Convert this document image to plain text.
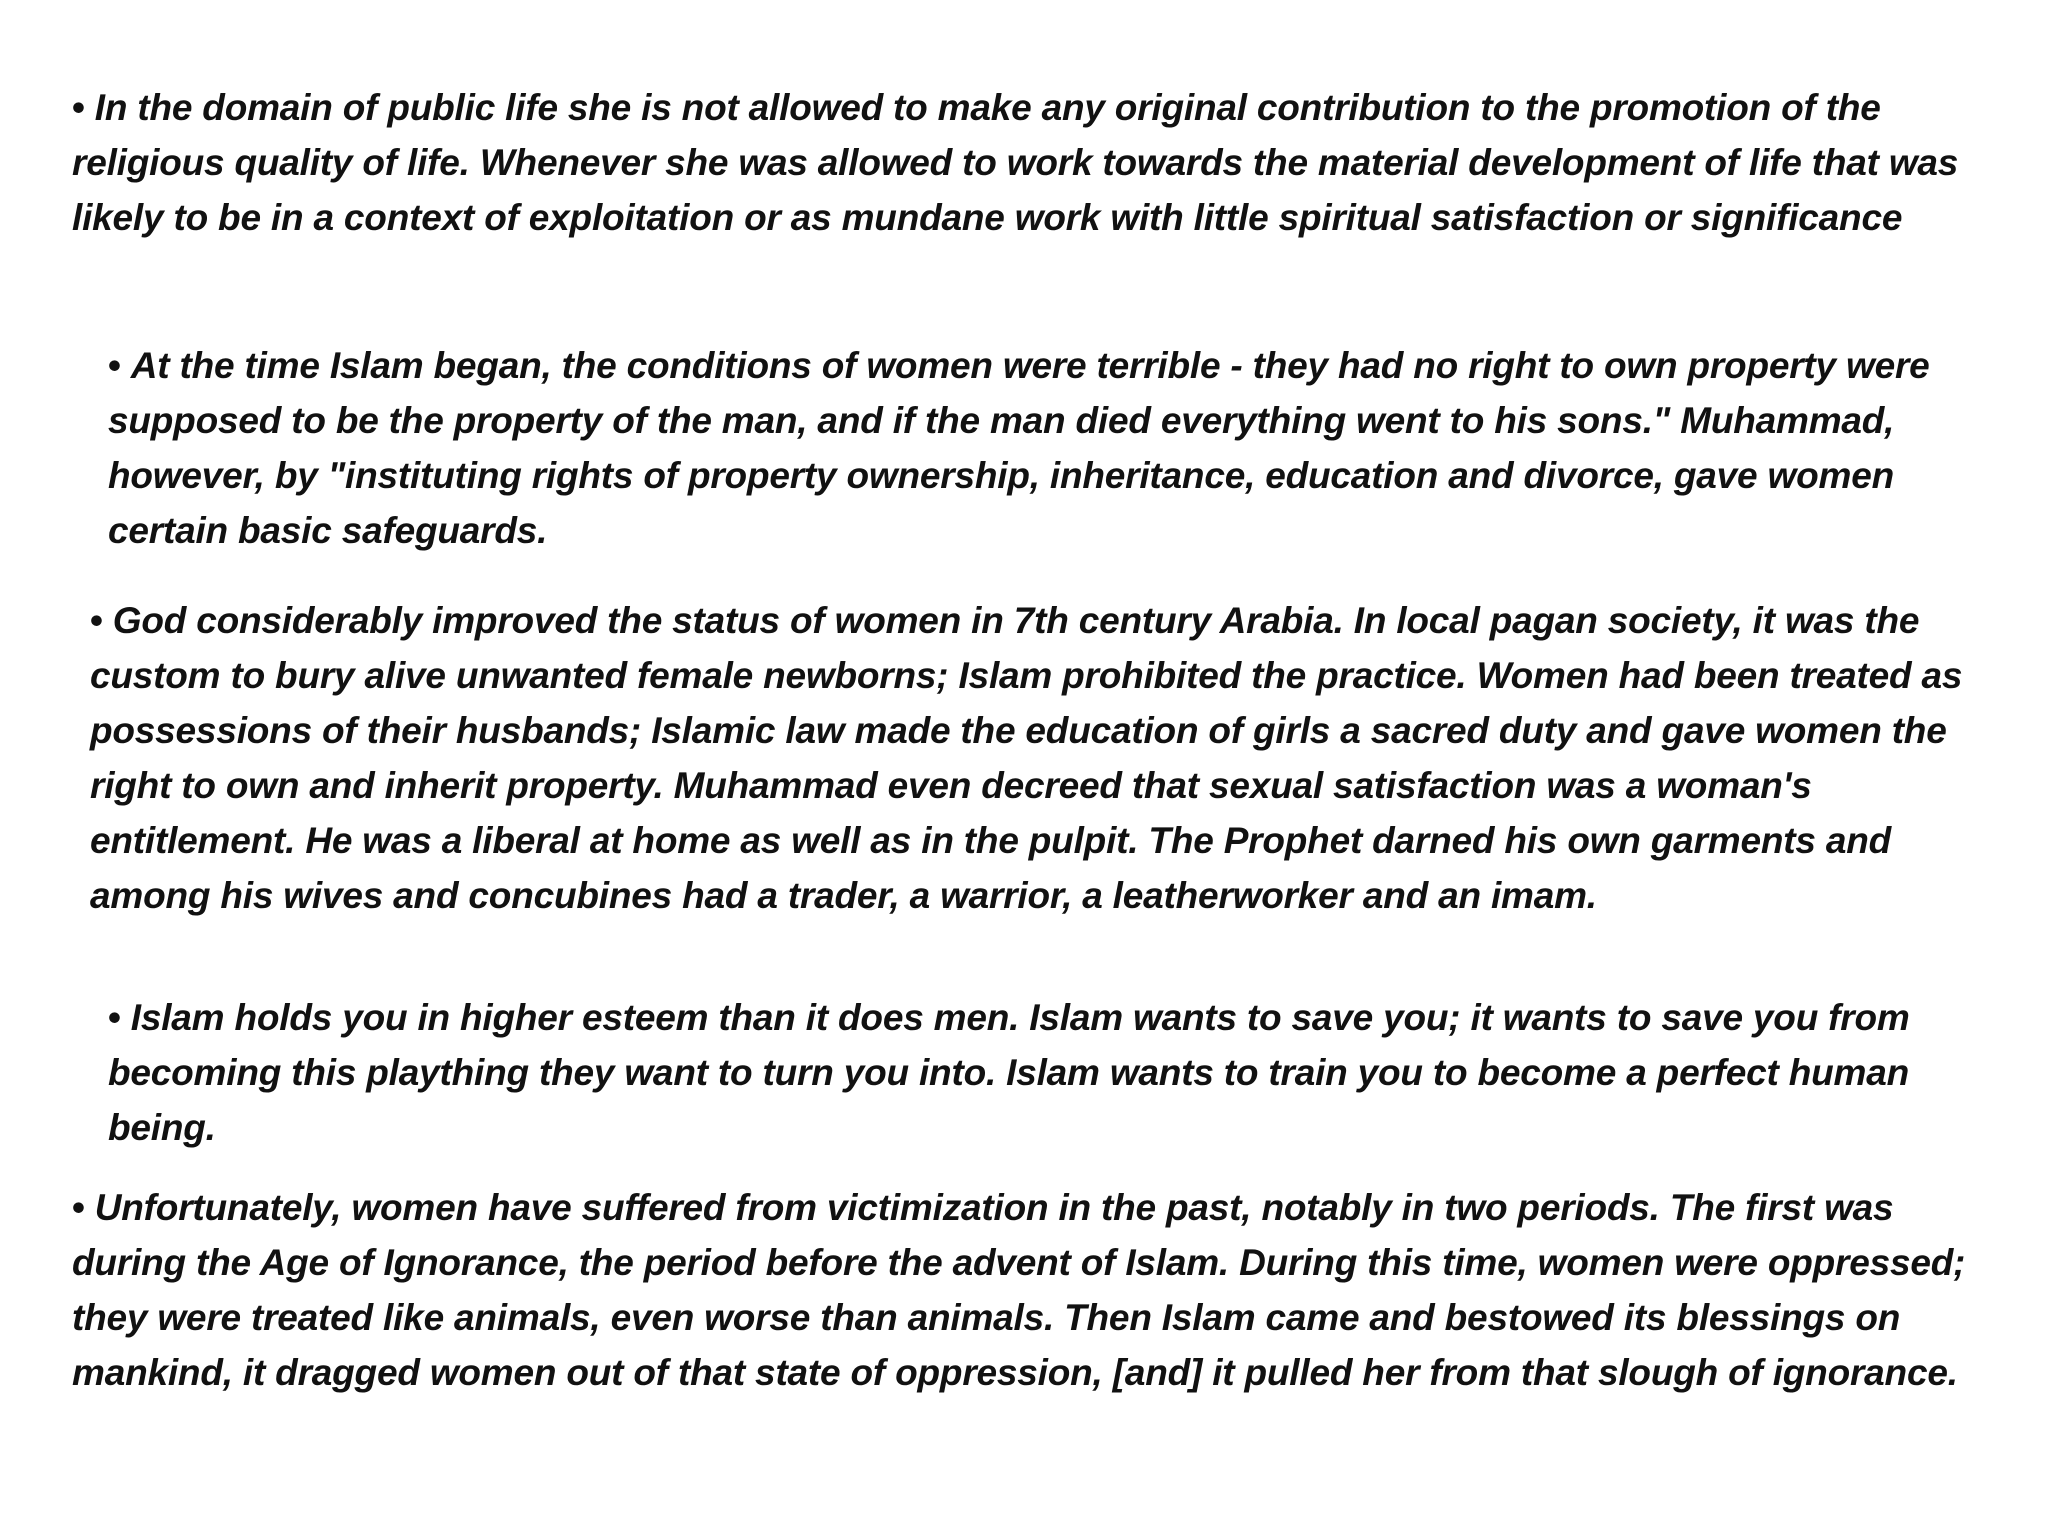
• In the domain of public life she is not allowed to make any original contribution to the promotion of the religious quality of life. Whenever she was allowed to work towards the material development of life that was likely to be in a context of exploitation or as mundane work with little spiritual satisfaction or significance

• At the time Islam began, the conditions of women were terrible - they had no right to own property were supposed to be the property of the man, and if the man died everything went to his sons." Muhammad, however, by "instituting rights of property ownership, inheritance, education and divorce, gave women certain basic safeguards.

• God considerably improved the status of women in 7th century Arabia. In local pagan society, it was the custom to bury alive unwanted female newborns; Islam prohibited the practice. Women had been treated as possessions of their husbands; Islamic law made the education of girls a sacred duty and gave women the right to own and inherit property. Muhammad even decreed that sexual satisfaction was a woman's entitlement. He was a liberal at home as well as in the pulpit. The Prophet darned his own garments and among his wives and concubines had a trader, a warrior, a leatherworker and an imam.

• Islam holds you in higher esteem than it does men. Islam wants to save you; it wants to save you from becoming this plaything they want to turn you into. Islam wants to train you to become a perfect human being.

• Unfortunately, women have suffered from victimization in the past, notably in two periods. The first was during the Age of Ignorance, the period before the advent of Islam. During this time, women were oppressed; they were treated like animals, even worse than animals. Then Islam came and bestowed its blessings on mankind, it dragged women out of that state of oppression, [and] it pulled her from that slough of ignorance.
